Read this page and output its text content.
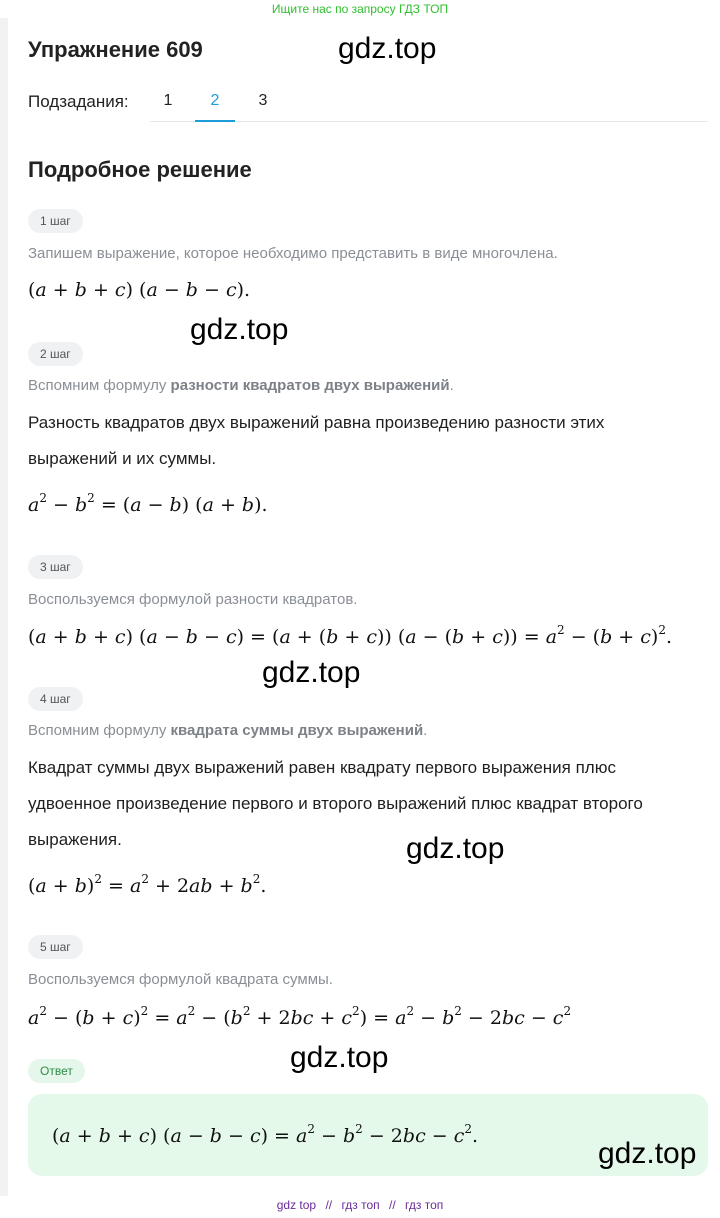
Ищите нас по запросу ГДЗ ТОП
Упражнение 609	gdz.top
Подзадания:	1	2	3
Подробное решение
1 шаг
Запишем выражение, которое необходимо представить в виде многочлена.
(a + b + c) (a − b − c).
gdz.top
2 шаг
Вспомним формулу разности квадратов двух выражений.
Разность квадратов двух выражений равна произведению разности этих выражений и их суммы.
$a^2 - b^2 = (a - b) (a + b)$.
3 шаг
Воспользуемся формулой разности квадратов.
(a + b + c) (a − b − c) = (a + (b + c)) $(a - (b + c)) = a^2 - (b + c)^2$.
gdz.top
4 шаг
Вспомним формулу квадрата суммы двух выражений.
Квадрат суммы двух выражений равен квадрату первого выражения плюс удвоенное произведение первого и второго выражений плюс квадрат второго выражения.	gdz.top
$(a + b)^2 = a^2 + 2ab + b^2$.
5 шаг
Воспользуемся формулой квадрата суммы.
$a^2 - (b + c)^2 = a^2 - (b^2 + 2bc + c^2) = a^2 - b^2 - 2bc - c^2$
gdz.top
Ответ
(a + b + c) $(a - b - c) = a^2 - b^2 - 2bc - c^2$.
gdz.top
gdz top // гдз топ // гдз топ
